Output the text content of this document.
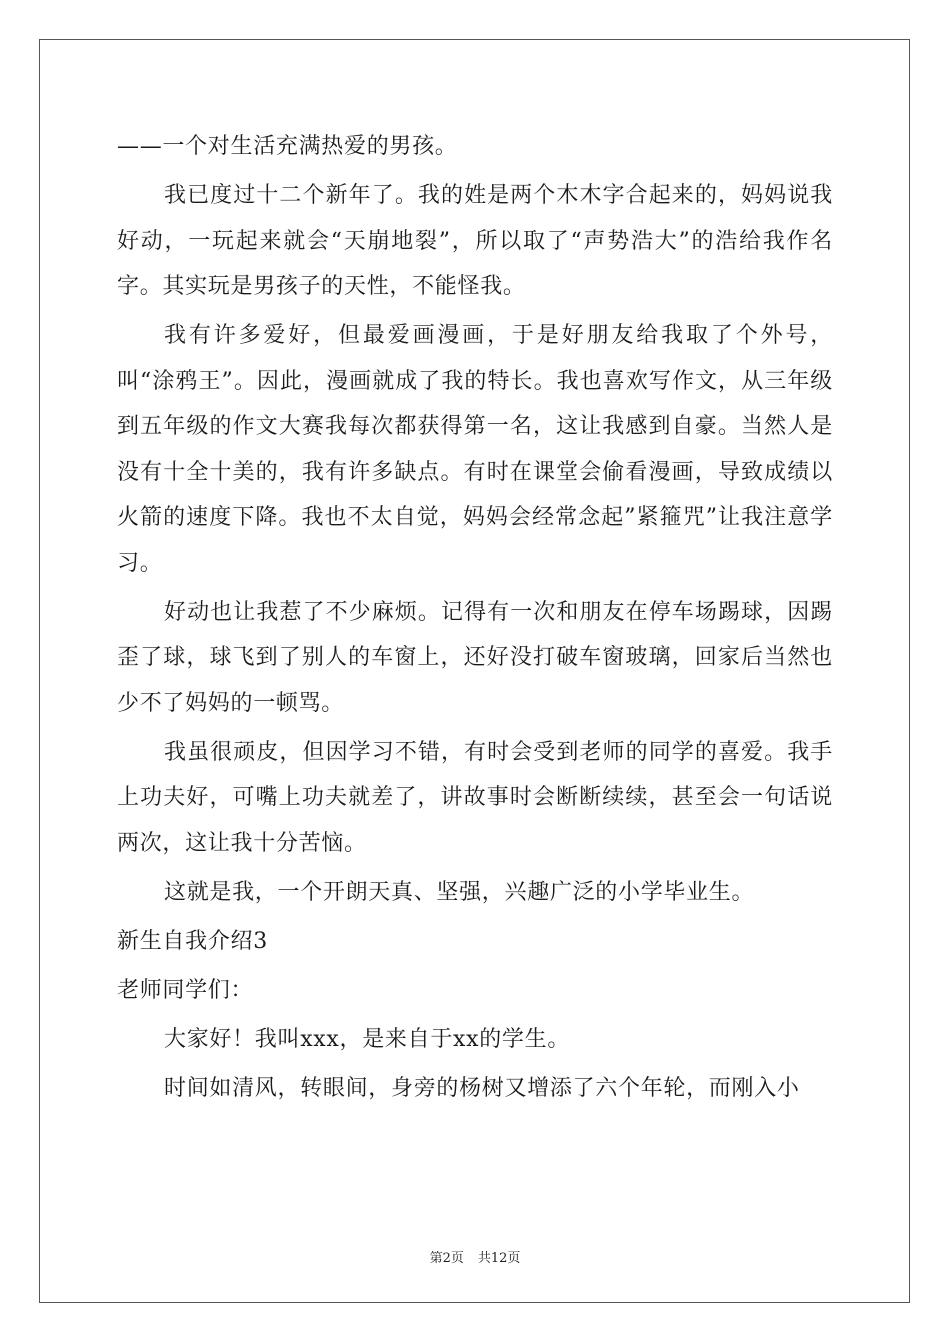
——一个对生活充满热爱的男孩。

我已度过十二个新年了。我的姓是两个木木字合起来的，妈妈说我好动，一玩起来就会“天崩地裂”，所以取了“声势浩大”的浩给我作名字。其实玩是男孩子的天性，不能怪我。

我有许多爱好，但最爱画漫画，于是好朋友给我取了个外号，叫“涂鸦王”。因此，漫画就成了我的特长。我也喜欢写作文，从三年级到五年级的作文大赛我每次都获得第一名，这让我感到自豪。当然人是没有十全十美的，我有许多缺点。有时在课堂会偷看漫画，导致成绩以火箭的速度下降。我也不太自觉，妈妈会经常念起”紧箍咒”让我注意学习。

好动也让我惹了不少麻烦。记得有一次和朋友在停车场踢球，因踢歪了球，球飞到了别人的车窗上，还好没打破车窗玻璃，回家后当然也少不了妈妈的一顿骂。

我虽很顽皮，但因学习不错，有时会受到老师的同学的喜爱。我手上功夫好，可嘴上功夫就差了，讲故事时会断断续续，甚至会一句话说两次，这让我十分苦恼。

这就是我，一个开朗天真、坚强，兴趣广泛的小学毕业生。

新生自我介绍3

老师同学们：

大家好！我叫xxx，是来自于xx的学生。

时间如清风，转眼间，身旁的杨树又增添了六个年轮，而刚入小

第2页 共12页
